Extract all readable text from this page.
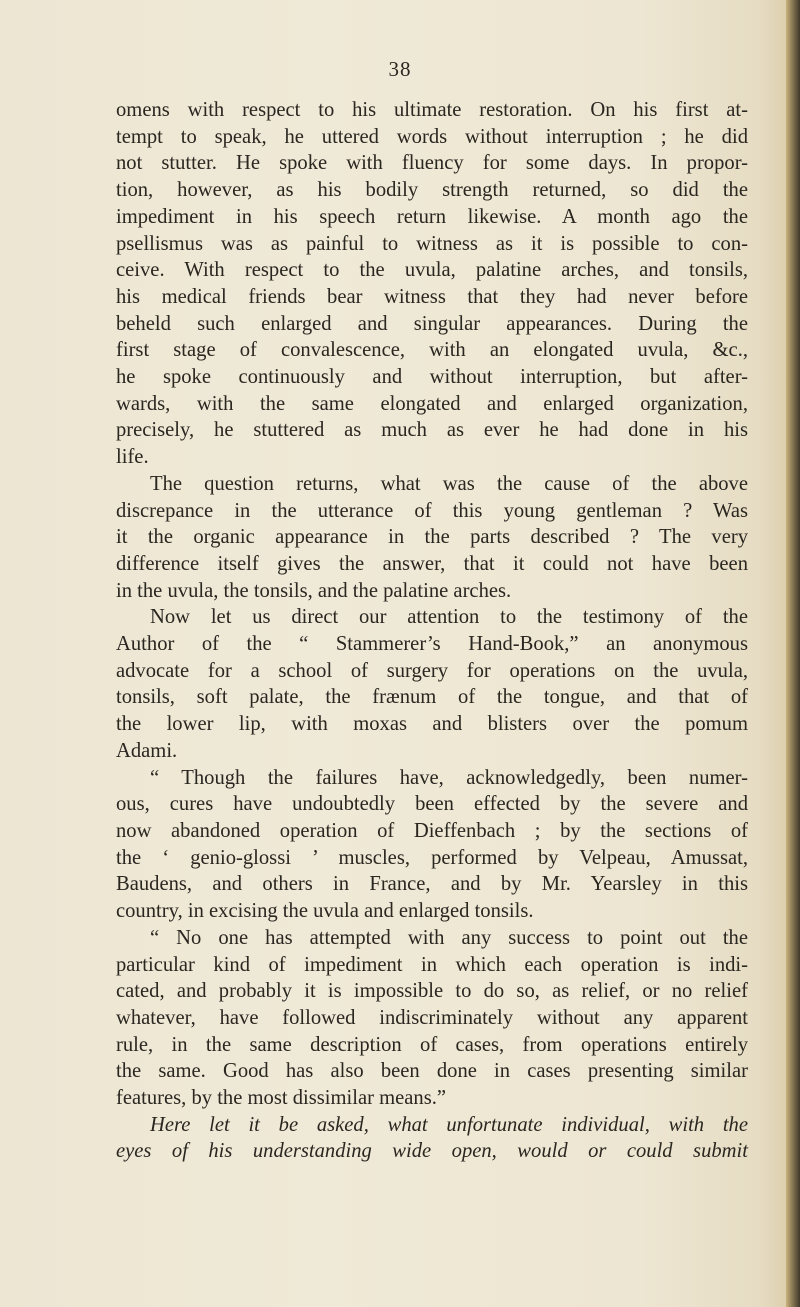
38

omens with respect to his ultimate restoration. On his first at-

tempt to speak, he uttered words without interruption ; he did

not stutter. He spoke with fluency for some days. In propor-

tion, however, as his bodily strength returned, so did the

impediment in his speech return likewise. A month ago the

psellismus was as painful to witness as it is possible to con-

ceive. With respect to the uvula, palatine arches, and tonsils,

his medical friends bear witness that they had never before

beheld such enlarged and singular appearances. During the

first stage of convalescence, with an elongated uvula, &c.,

he spoke continuously and without interruption, but after-

wards, with the same elongated and enlarged organization,

precisely, he stuttered as much as ever he had done in his

life.

The question returns, what was the cause of the above

discrepance in the utterance of this young gentleman ? Was

it the organic appearance in the parts described ? The very

difference itself gives the answer, that it could not have been

in the uvula, the tonsils, and the palatine arches.

Now let us direct our attention to the testimony of the

Author of the “ Stammerer’s Hand-Book,” an anonymous

advocate for a school of surgery for operations on the uvula,

tonsils, soft palate, the frænum of the tongue, and that of

the lower lip, with moxas and blisters over the pomum

Adami.

“ Though the failures have, acknowledgedly, been numer-

ous, cures have undoubtedly been effected by the severe and

now abandoned operation of Dieffenbach ; by the sections of

the ‘ genio-glossi ’ muscles, performed by Velpeau, Amussat,

Baudens, and others in France, and by Mr. Yearsley in this

country, in excising the uvula and enlarged tonsils.

“ No one has attempted with any success to point out the

particular kind of impediment in which each operation is indi-

cated, and probably it is impossible to do so, as relief, or no relief

whatever, have followed indiscriminately without any apparent

rule, in the same description of cases, from operations entirely

the same. Good has also been done in cases presenting similar

features, by the most dissimilar means.”

Here let it be asked, what unfortunate individual, with the

eyes of his understanding wide open, would or could submit
